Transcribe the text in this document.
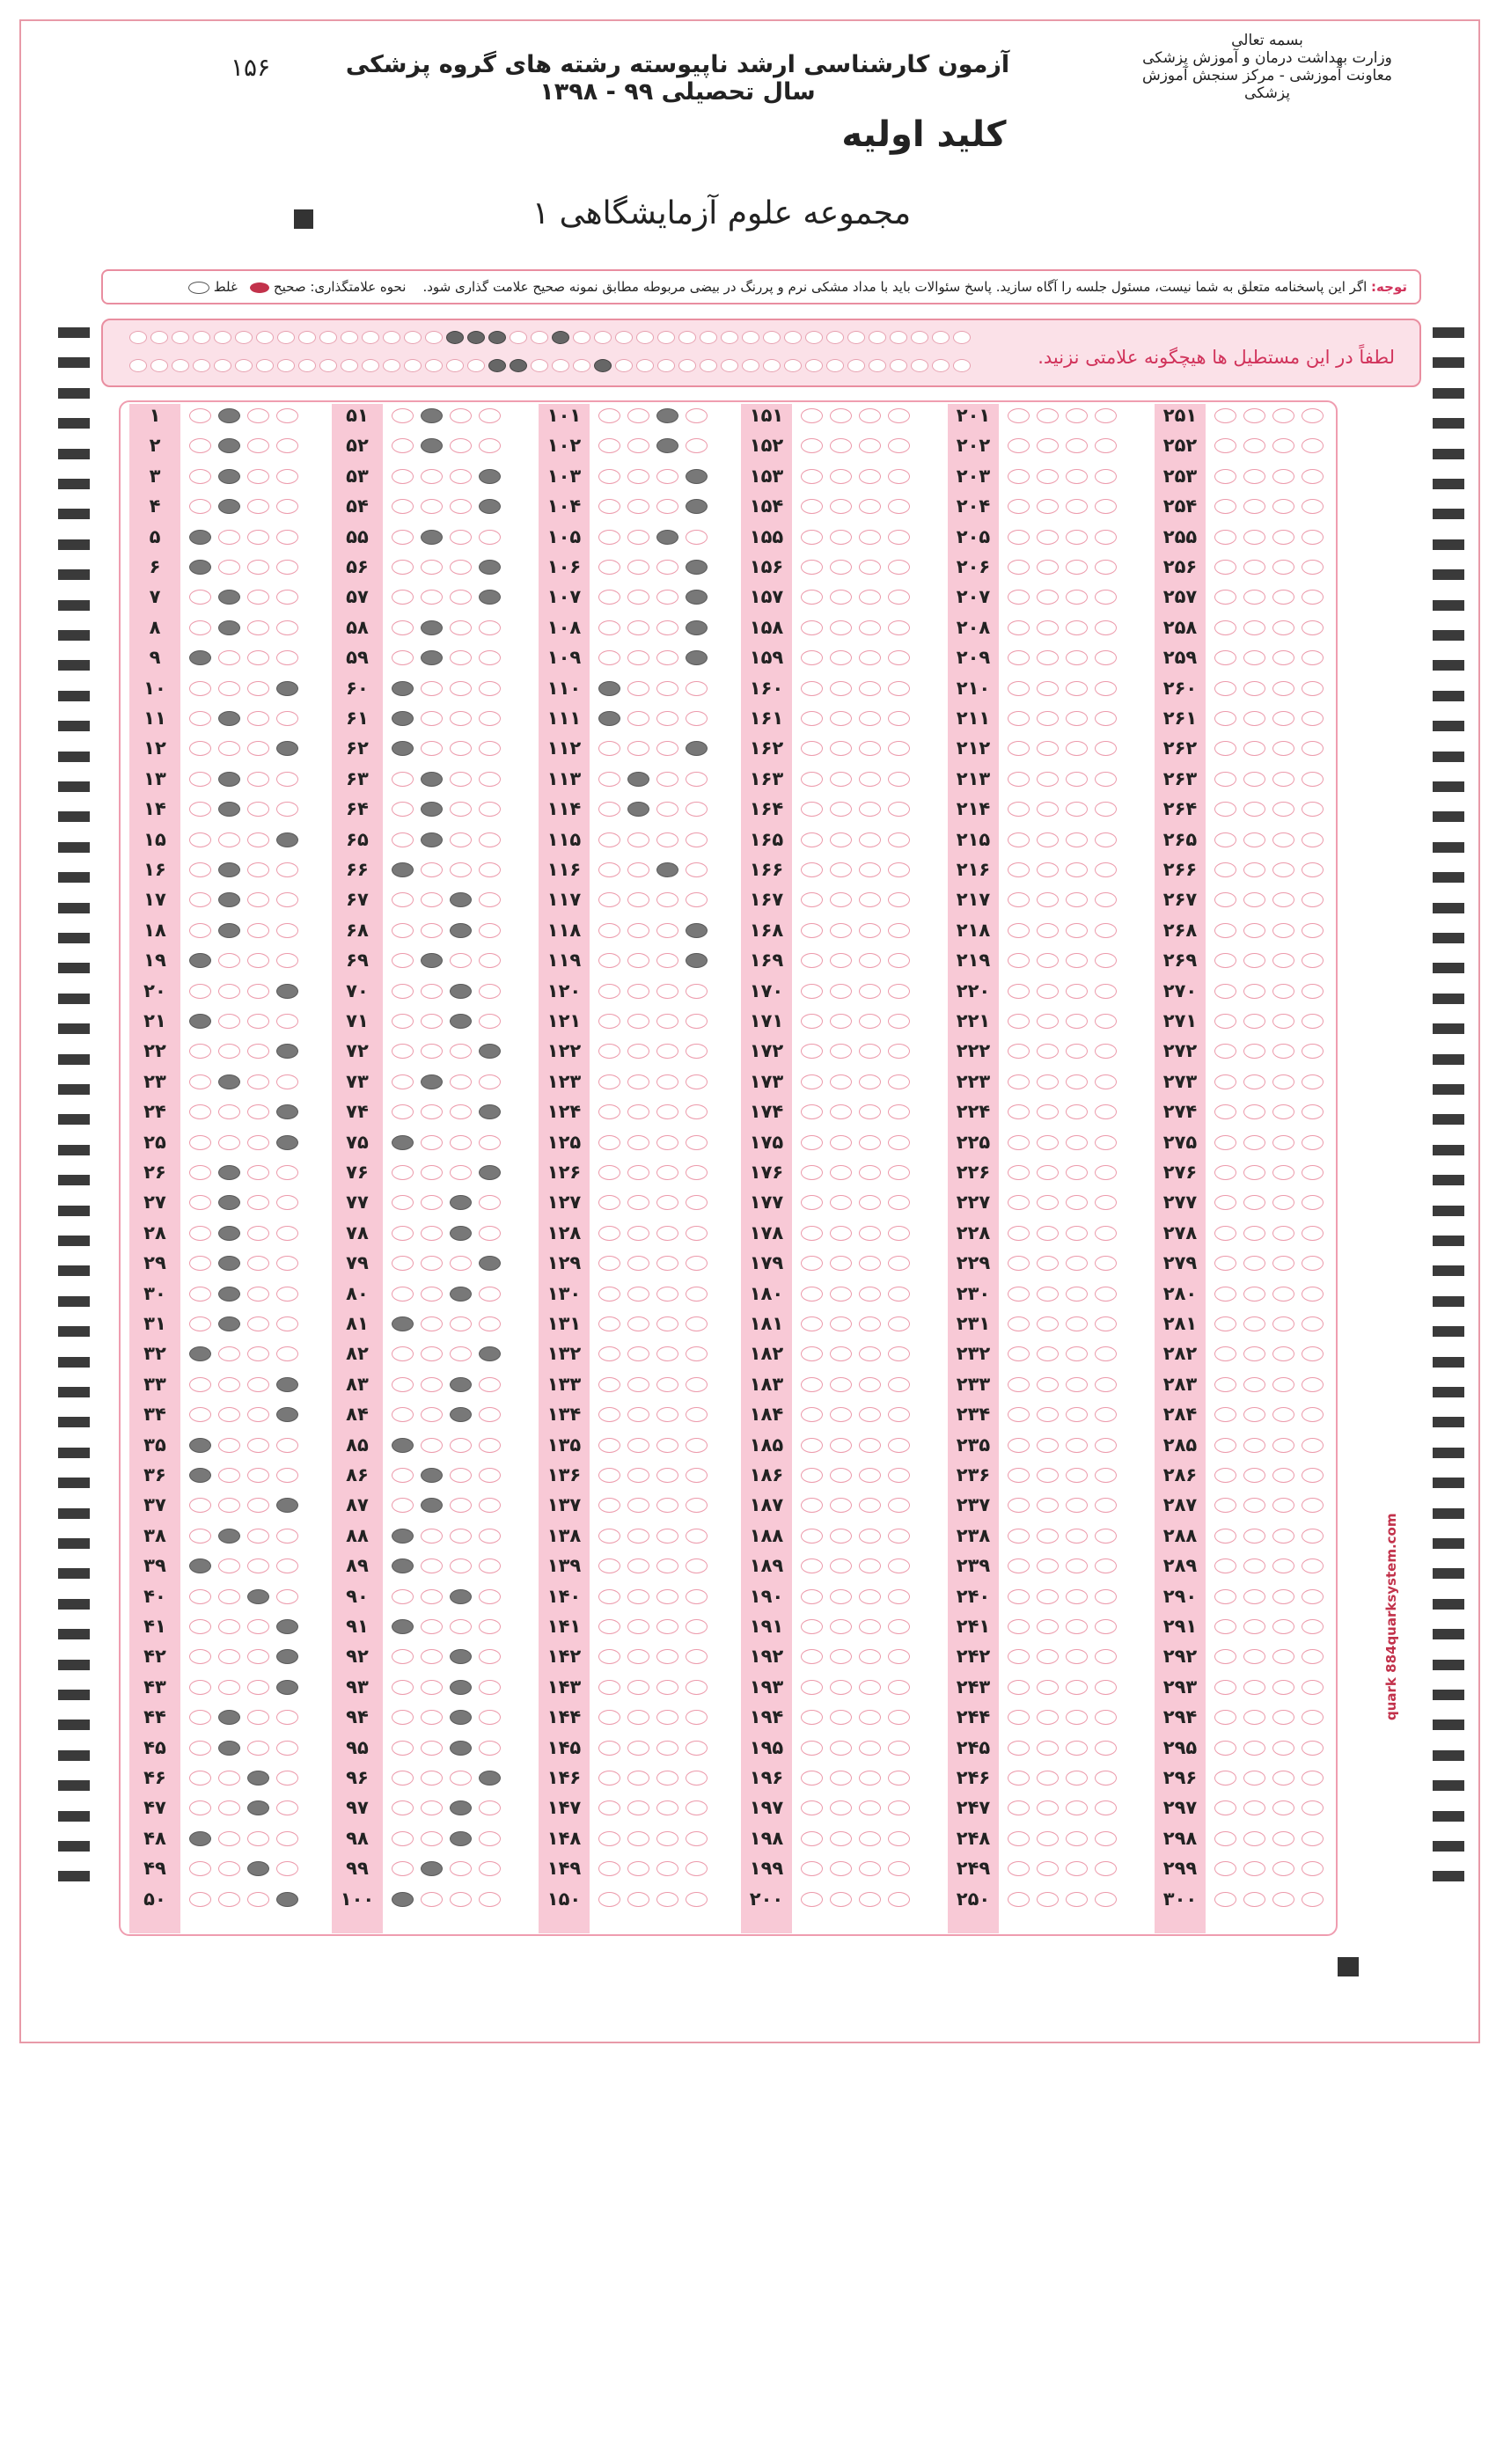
۱۵۶	آزمون کارشناسی ارشد ناپیوسته رشته های گروه پزشکی سال تحصیلی ۹۹ - ۱۳۹۸
بسمه تعالی
وزارت بهداشت درمان و آموزش پزشکی
معاونت آموزشی - مرکز سنجش آموزش پزشکی
کلید اولیه
مجموعه علوم آزمایشگاهی ۱
توجه: اگر این پاسخنامه متعلق به شما نیست، مسئول جلسه را آگاه سازید. پاسخ سئوالات باید با مداد مشکی نرم و پررنگ در بیضی مربوطه مطابق نمونه صحیح علامت گذاری شود.    نحوه علامتگذاری: صحیح    غلط
لطفاً در این مستطیل ها هیچگونه علامتی نزنید.
۱
۲
۳
۴
۵
۶
۷
۸
۹
۱۰
۱۱
۱۲
۱۳
۱۴
۱۵
۱۶
۱۷
۱۸
۱۹
۲۰
۲۱
۲۲
۲۳
۲۴
۲۵
۲۶
۲۷
۲۸
۲۹
۳۰
۳۱
۳۲
۳۳
۳۴
۳۵
۳۶
۳۷
۳۸
۳۹
۴۰
۴۱
۴۲
۴۳
۴۴
۴۵
۴۶
۴۷
۴۸
۴۹
۵۰
۵۱
۵۲
۵۳
۵۴
۵۵
۵۶
۵۷
۵۸
۵۹
۶۰
۶۱
۶۲
۶۳
۶۴
۶۵
۶۶
۶۷
۶۸
۶۹
۷۰
۷۱
۷۲
۷۳
۷۴
۷۵
۷۶
۷۷
۷۸
۷۹
۸۰
۸۱
۸۲
۸۳
۸۴
۸۵
۸۶
۸۷
۸۸
۸۹
۹۰
۹۱
۹۲
۹۳
۹۴
۹۵
۹۶
۹۷
۹۸
۹۹
۱۰۰
۱۰۱
۱۰۲
۱۰۳
۱۰۴
۱۰۵
۱۰۶
۱۰۷
۱۰۸
۱۰۹
۱۱۰
۱۱۱
۱۱۲
۱۱۳
۱۱۴
۱۱۵
۱۱۶
۱۱۷
۱۱۸
۱۱۹
۱۲۰
۱۲۱
۱۲۲
۱۲۳
۱۲۴
۱۲۵
۱۲۶
۱۲۷
۱۲۸
۱۲۹
۱۳۰
۱۳۱
۱۳۲
۱۳۳
۱۳۴
۱۳۵
۱۳۶
۱۳۷
۱۳۸
۱۳۹
۱۴۰
۱۴۱
۱۴۲
۱۴۳
۱۴۴
۱۴۵
۱۴۶
۱۴۷
۱۴۸
۱۴۹
۱۵۰
۱۵۱
۱۵۲
۱۵۳
۱۵۴
۱۵۵
۱۵۶
۱۵۷
۱۵۸
۱۵۹
۱۶۰
۱۶۱
۱۶۲
۱۶۳
۱۶۴
۱۶۵
۱۶۶
۱۶۷
۱۶۸
۱۶۹
۱۷۰
۱۷۱
۱۷۲
۱۷۳
۱۷۴
۱۷۵
۱۷۶
۱۷۷
۱۷۸
۱۷۹
۱۸۰
۱۸۱
۱۸۲
۱۸۳
۱۸۴
۱۸۵
۱۸۶
۱۸۷
۱۸۸
۱۸۹
۱۹۰
۱۹۱
۱۹۲
۱۹۳
۱۹۴
۱۹۵
۱۹۶
۱۹۷
۱۹۸
۱۹۹
۲۰۰
۲۰۱
۲۰۲
۲۰۳
۲۰۴
۲۰۵
۲۰۶
۲۰۷
۲۰۸
۲۰۹
۲۱۰
۲۱۱
۲۱۲
۲۱۳
۲۱۴
۲۱۵
۲۱۶
۲۱۷
۲۱۸
۲۱۹
۲۲۰
۲۲۱
۲۲۲
۲۲۳
۲۲۴
۲۲۵
۲۲۶
۲۲۷
۲۲۸
۲۲۹
۲۳۰
۲۳۱
۲۳۲
۲۳۳
۲۳۴
۲۳۵
۲۳۶
۲۳۷
۲۳۸
۲۳۹
۲۴۰
۲۴۱
۲۴۲
۲۴۳
۲۴۴
۲۴۵
۲۴۶
۲۴۷
۲۴۸
۲۴۹
۲۵۰
۲۵۱
۲۵۲
۲۵۳
۲۵۴
۲۵۵
۲۵۶
۲۵۷
۲۵۸
۲۵۹
۲۶۰
۲۶۱
۲۶۲
۲۶۳
۲۶۴
۲۶۵
۲۶۶
۲۶۷
۲۶۸
۲۶۹
۲۷۰
۲۷۱
۲۷۲
۲۷۳
۲۷۴
۲۷۵
۲۷۶
۲۷۷
۲۷۸
۲۷۹
۲۸۰
۲۸۱
۲۸۲
۲۸۳
۲۸۴
۲۸۵
۲۸۶
۲۸۷
۲۸۸
۲۸۹
۲۹۰
۲۹۱
۲۹۲
۲۹۳
۲۹۴
۲۹۵
۲۹۶
۲۹۷
۲۹۸
۲۹۹
۳۰۰
quark 884quarksystem.com
